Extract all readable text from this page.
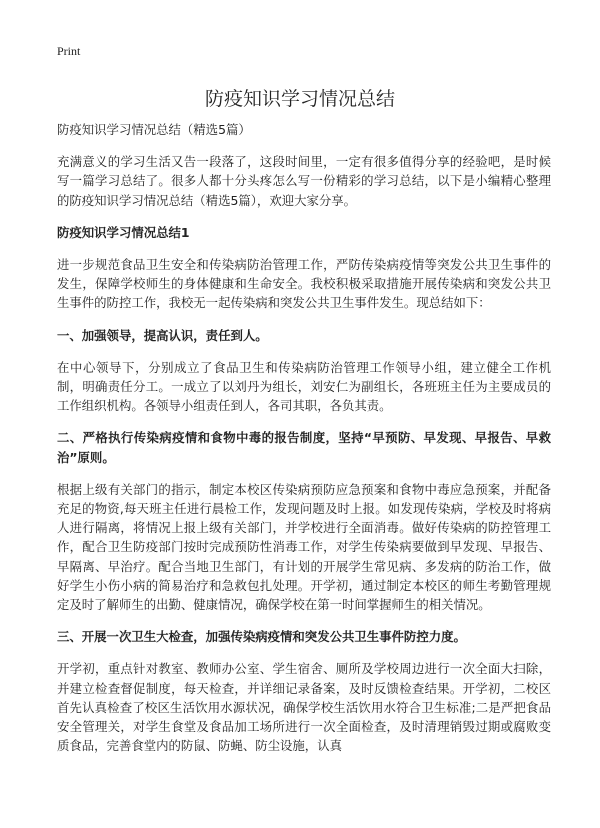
Print
防疫知识学习情况总结

防疫知识学习情况总结（精选5篇）

充满意义的学习生活又告一段落了，这段时间里，一定有很多值得分享的经验吧，是时候写一篇学习总结了。很多人都十分头疼怎么写一份精彩的学习总结，以下是小编精心整理的防疫知识学习情况总结（精选5篇），欢迎大家分享。

防疫知识学习情况总结1

进一步规范食品卫生安全和传染病防治管理工作，严防传染病疫情等突发公共卫生事件的发生，保障学校师生的身体健康和生命安全。我校积极采取措施开展传染病和突发公共卫生事件的防控工作，我校无一起传染病和突发公共卫生事件发生。现总结如下：

一、加强领导，提高认识，责任到人。

在中心领导下，分别成立了食品卫生和传染病防治管理工作领导小组，建立健全工作机制，明确责任分工。一成立了以刘丹为组长，刘安仁为副组长，各班班主任为主要成员的工作组织机构。各领导小组责任到人，各司其职，各负其责。

二、严格执行传染病疫情和食物中毒的报告制度，坚持“早预防、早发现、早报告、早救治”原则。

根据上级有关部门的指示，制定本校区传染病预防应急预案和食物中毒应急预案，并配备充足的物资,每天班主任进行晨检工作，发现问题及时上报。如发现传染病，学校及时将病人进行隔离，将情况上报上级有关部门，并学校进行全面消毒。做好传染病的防控管理工作，配合卫生防疫部门按时完成预防性消毒工作，对学生传染病要做到早发现、早报告、早隔离、早治疗。配合当地卫生部门，有计划的开展学生常见病、多发病的防治工作，做好学生小伤小病的简易治疗和急救包扎处理。开学初，通过制定本校区的师生考勤管理规定及时了解师生的出勤、健康情况，确保学校在第一时间掌握师生的相关情况。

三、开展一次卫生大检查，加强传染病疫情和突发公共卫生事件防控力度。

开学初，重点针对教室、教师办公室、学生宿舍、厕所及学校周边进行一次全面大扫除，并建立检查督促制度，每天检查，并详细记录备案，及时反馈检查结果。开学初，二校区首先认真检查了校区生活饮用水源状况，确保学校生活饮用水符合卫生标准;二是严把食品安全管理关，对学生食堂及食品加工场所进行一次全面检查，及时清理销毁过期或腐败变质食品，完善食堂内的防鼠、防蝇、防尘设施，认真
